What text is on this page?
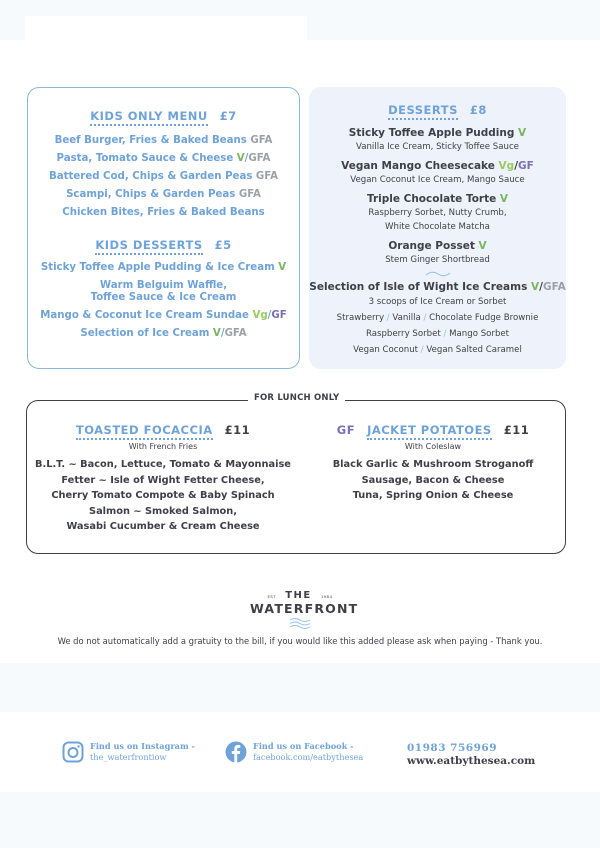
KIDS ONLY MENU £7
Beef Burger, Fries & Baked Beans GFA
Pasta, Tomato Sauce & Cheese V/GFA
Battered Cod, Chips & Garden Peas GFA
Scampi, Chips & Garden Peas GFA
Chicken Bites, Fries & Baked Beans
KIDS DESSERTS £5
Sticky Toffee Apple Pudding & Ice Cream V
Warm Belguim Waffle,
Toffee Sauce & Ice Cream
Mango & Coconut Ice Cream Sundae Vg/GF
Selection of Ice Cream V/GFA
DESSERTS £8
Sticky Toffee Apple Pudding V
Vanilla Ice Cream, Sticky Toffee Sauce
Vegan Mango Cheesecake Vg/GF
Vegan Coconut Ice Cream, Mango Sauce
Triple Chocolate Torte V
Raspberry Sorbet, Nutty Crumb,
White Chocolate Matcha
Orange Posset V
Stem Ginger Shortbread
Selection of Isle of Wight Ice Creams V/GFA
3 scoops of Ice Cream or Sorbet
Strawberry / Vanilla / Chocolate Fudge Brownie
Raspberry Sorbet / Mango Sorbet
Vegan Coconut / Vegan Salted Caramel
TOASTED FOCACCIA £11
With French Fries
B.L.T. ~ Bacon, Lettuce, Tomato & Mayonnaise
Fetter ~ Isle of Wight Fetter Cheese,
Cherry Tomato Compote & Baby Spinach
Salmon ~ Smoked Salmon,
Wasabi Cucumber & Cream Cheese
GF JACKET POTATOES £11
With Coleslaw
Black Garlic & Mushroom Stroganoff
Sausage, Bacon & Cheese
Tuna, Spring Onion & Cheese
FOR LUNCH ONLY
EST THE 1984
WATERFRONT
We do not automatically add a gratuity to the bill, if you would like this added please ask when paying - Thank you.
Find us on Instagram -
the_waterfrontiow
Find us on Facebook -
facebook.com/eatbythesea
01983 756969
www.eatbythesea.com
